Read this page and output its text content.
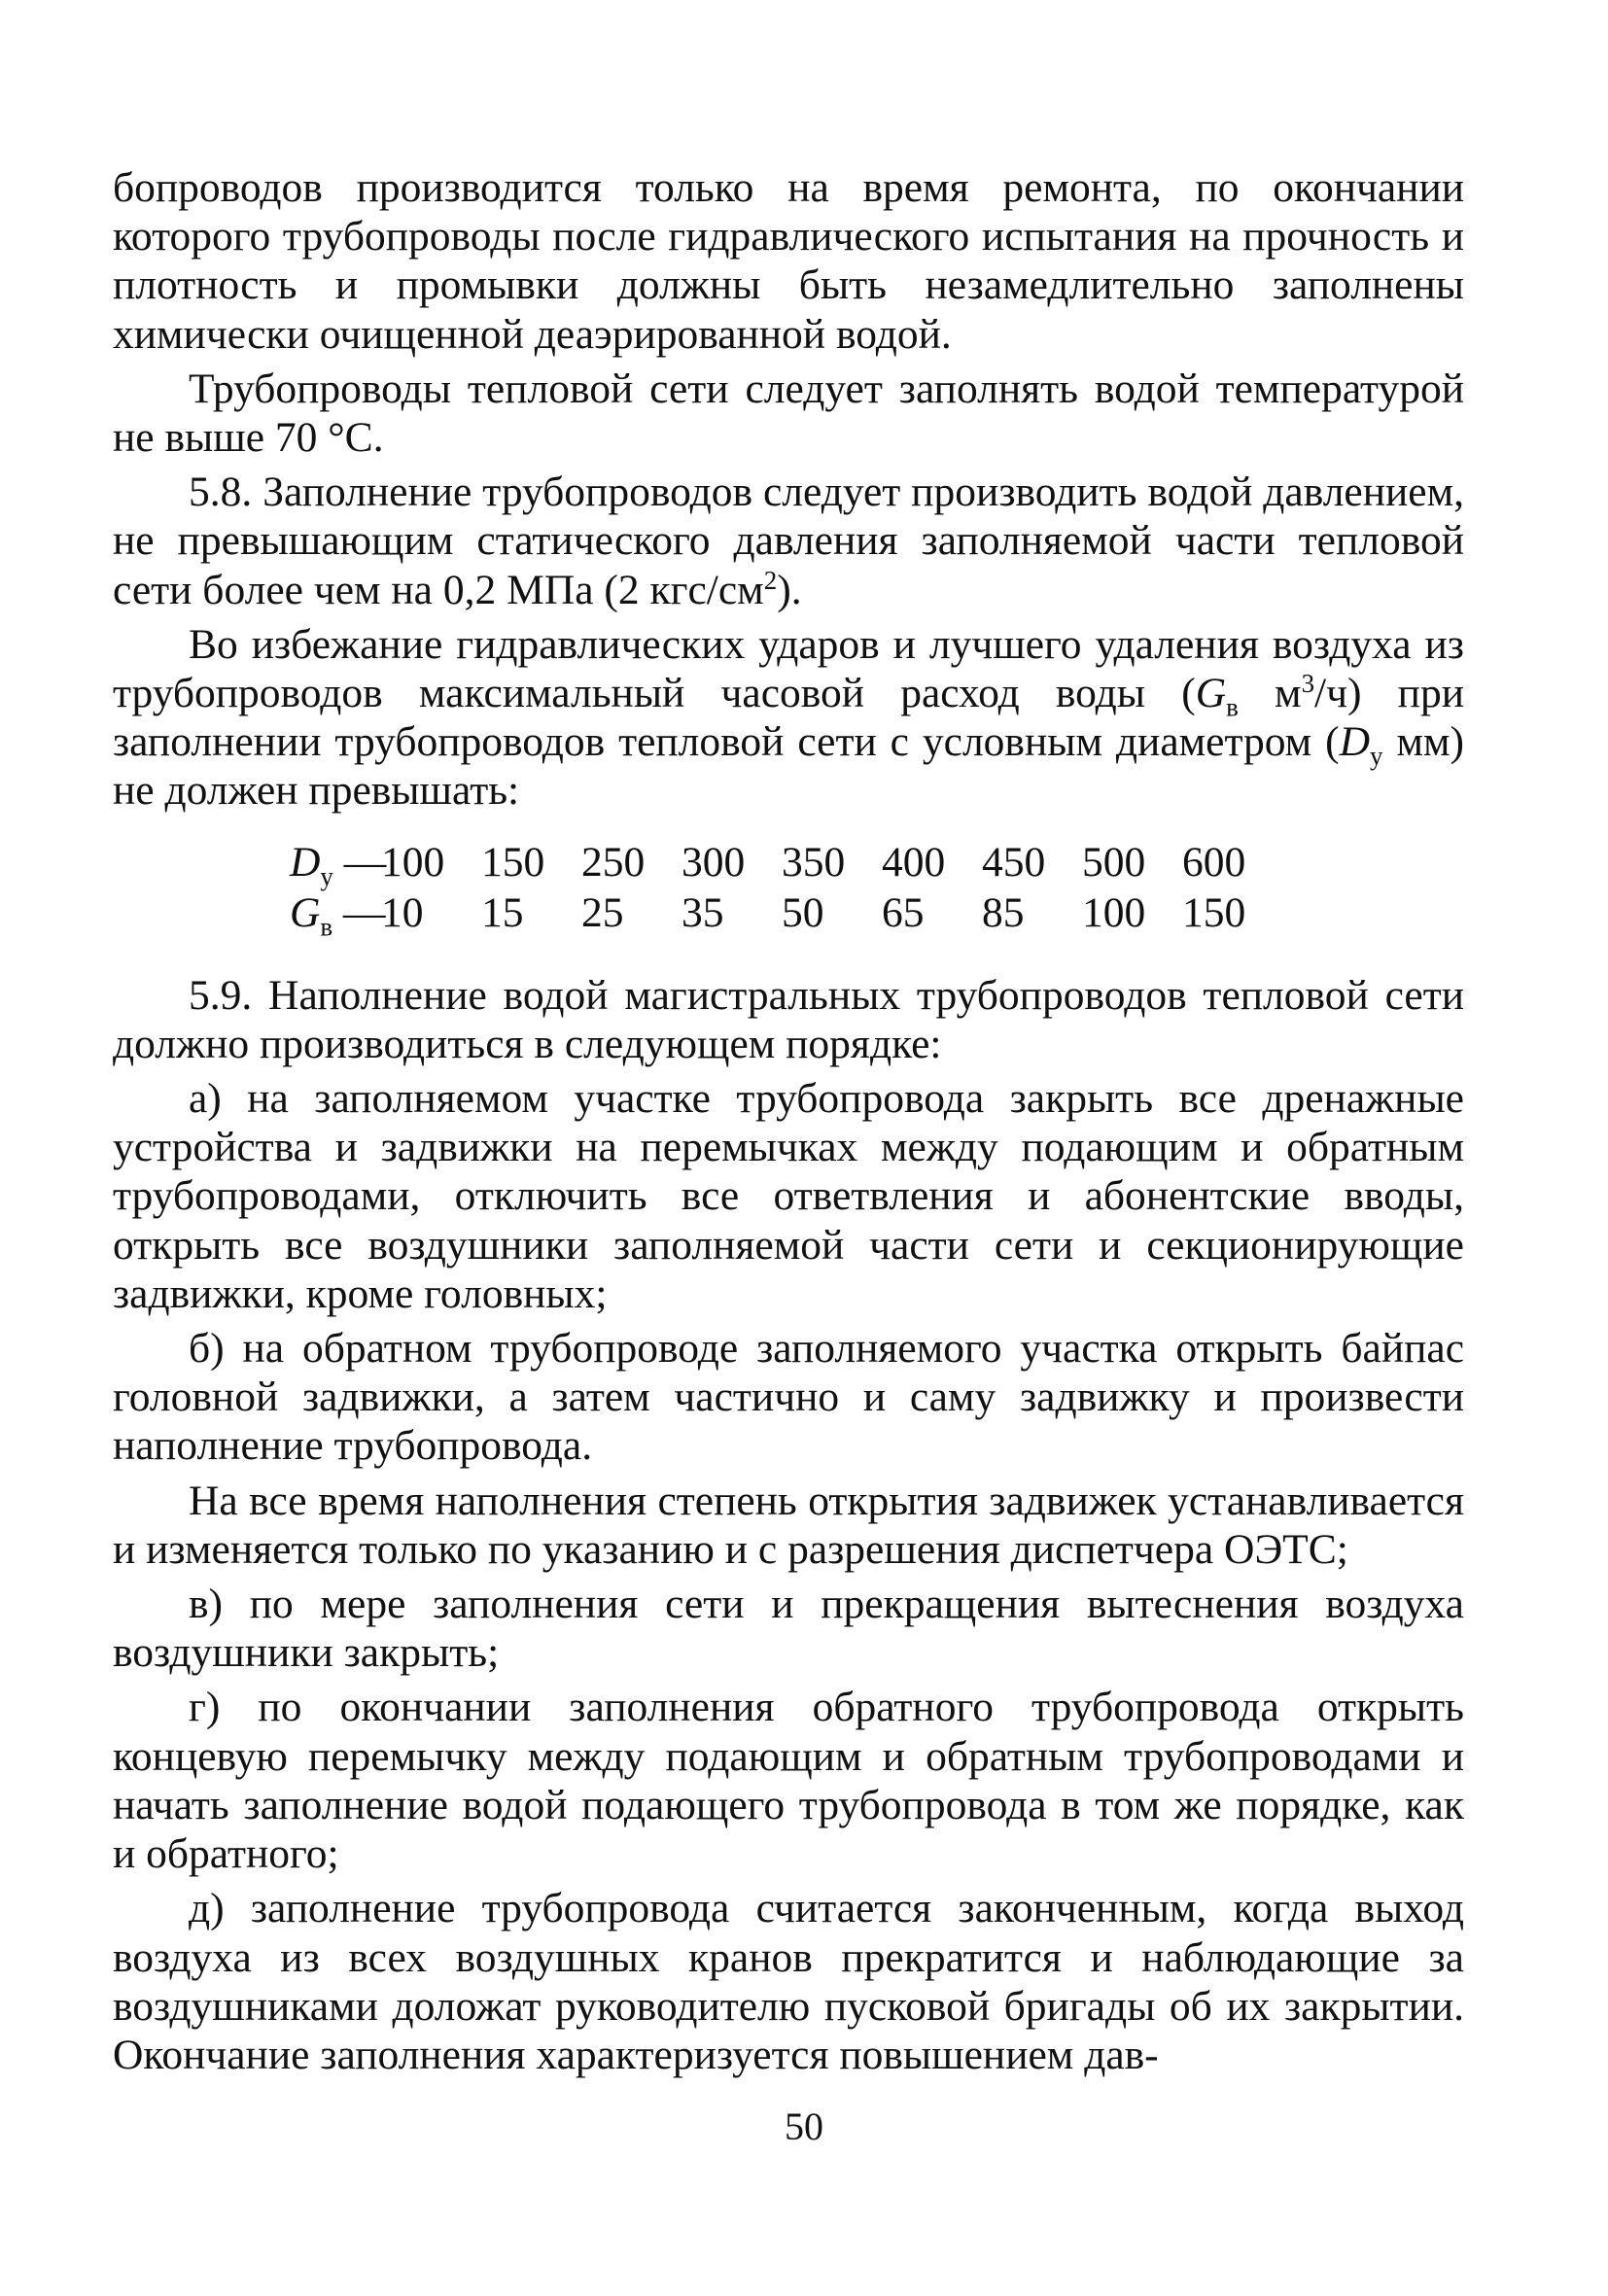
бопроводов производится только на время ремонта, по окончании которого трубопроводы после гидравлического испытания на прочность и плотность и промывки должны быть незамедлительно заполнены химически очищенной деаэрированной водой.

Трубопроводы тепловой сети следует заполнять водой температурой не выше 70 °С.

5.8. Заполнение трубопроводов следует производить водой давлением, не превышающим статического давления заполняемой части тепловой сети более чем на 0,2 МПа (2 кгс/$см^2$).

Во избежание гидравлических ударов и лучшего удаления воздуха из трубопроводов максимальный часовой расход воды ($G_в$ $м^3/ч$) при заполнении трубопроводов тепловой сети с условным диаметром ($D_у$ мм) не должен превышать:

$D_у$ —
100 150 250 300 350 400 450 500 600
$G_в$ —
10	15	25	35	50	65	85	100 150

5.9. Наполнение водой магистральных трубопроводов тепловой сети должно производиться в следующем порядке:

а) на заполняемом участке трубопровода закрыть все дренажные устройства и задвижки на перемычках между подающим и обратным трубопроводами, отключить все ответвления и абонентские вводы, открыть все воздушники заполняемой части сети и секционирующие задвижки, кроме головных;

б) на обратном трубопроводе заполняемого участка открыть байпас головной задвижки, а затем частично и саму задвижку и произвести наполнение трубопровода.

На все время наполнения степень открытия задвижек устанавливается и изменяется только по указанию и с разрешения диспетчера ОЭТС;

в) по мере заполнения сети и прекращения вытеснения воздуха воздушники закрыть;

г) по окончании заполнения обратного трубопровода открыть концевую перемычку между подающим и обратным трубопроводами и начать заполнение водой подающего трубопровода в том же порядке, как и обратного;

д) заполнение трубопровода считается законченным, когда выход воздуха из всех воздушных кранов прекратится и наблюдающие за воздушниками доложат руководителю пусковой бригады об их закрытии. Окончание заполнения характеризуется повышением дав-

50
